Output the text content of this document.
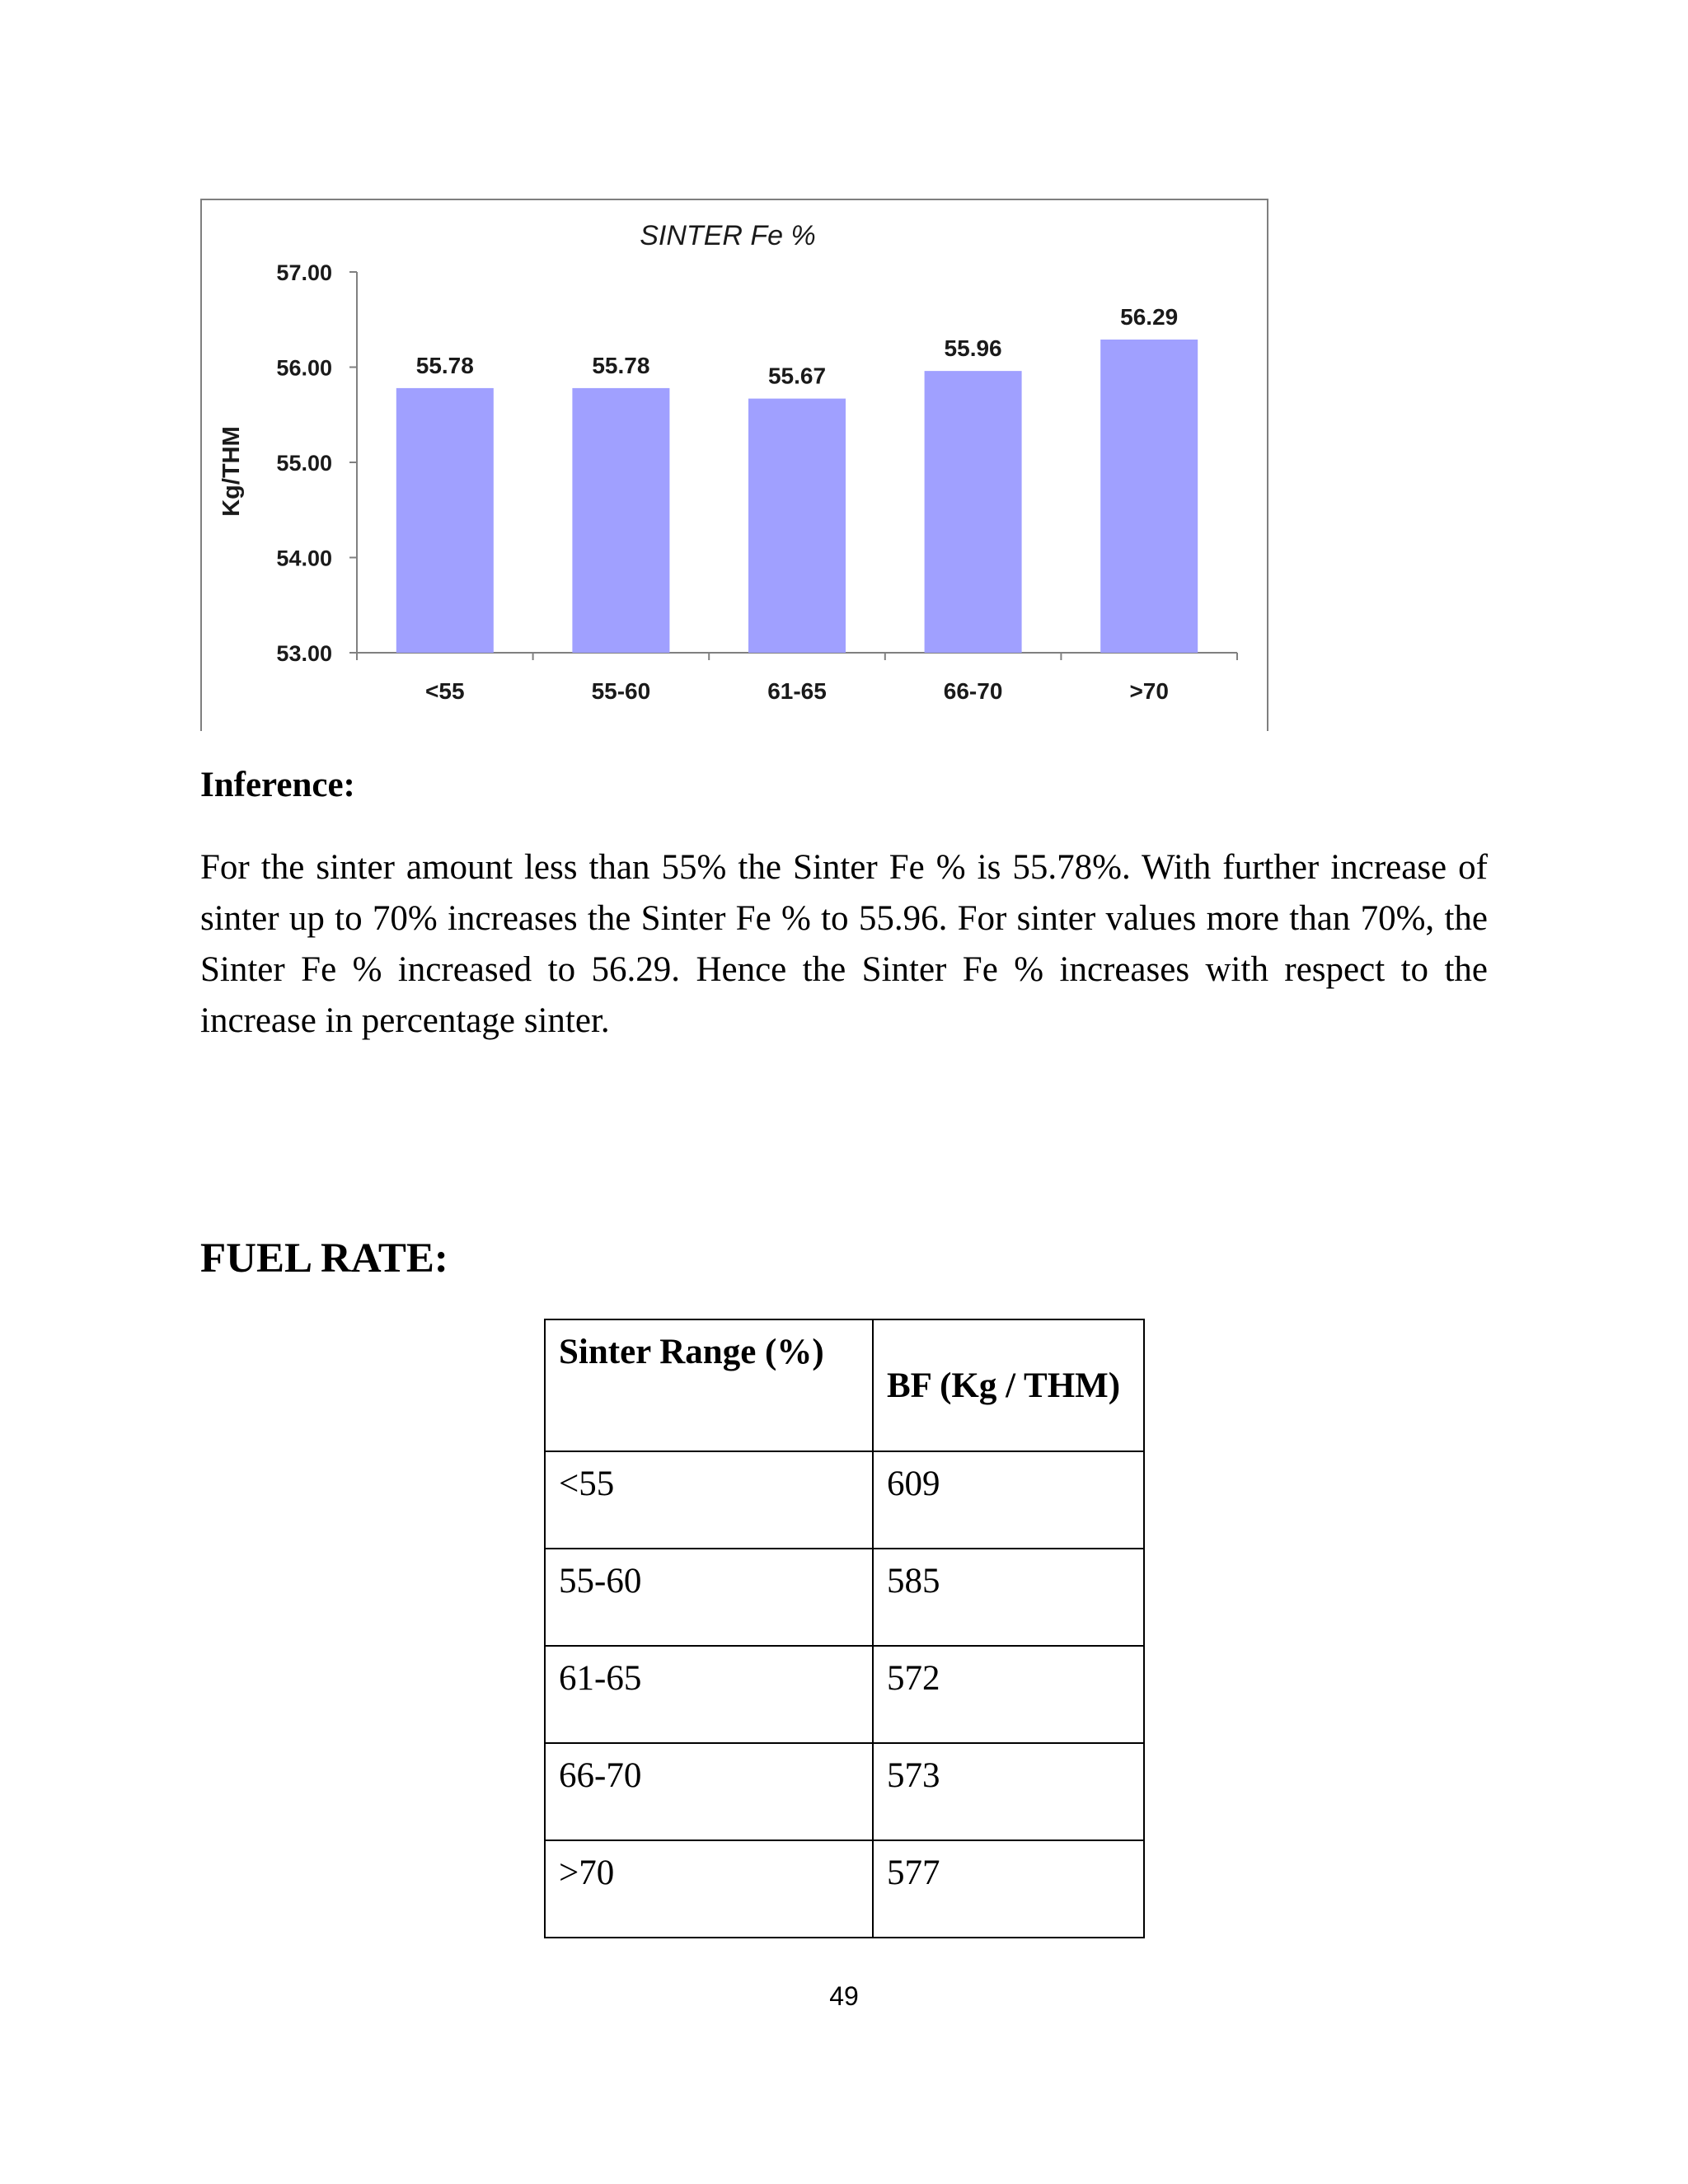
SINTER Fe %
57.00
56.00
55.00
54.00
53.00
Kg/THM
55.78
<55
55.78
55-60
55.67
61-65
55.96
66-70
56.29
>70
Inference:

For the sinter amount less than 55% the Sinter Fe % is 55.78%. With further increase of sinter up to 70% increases the Sinter Fe % to 55.96. For sinter values more than 70%, the Sinter Fe % increased to 56.29. Hence the Sinter Fe % increases with respect to the increase in percentage sinter.

FUEL RATE:
Sinter Range (%)	BF (Kg / THM)
<55	609
55-60	585
61-65	572
66-70	573
>70	577
49
